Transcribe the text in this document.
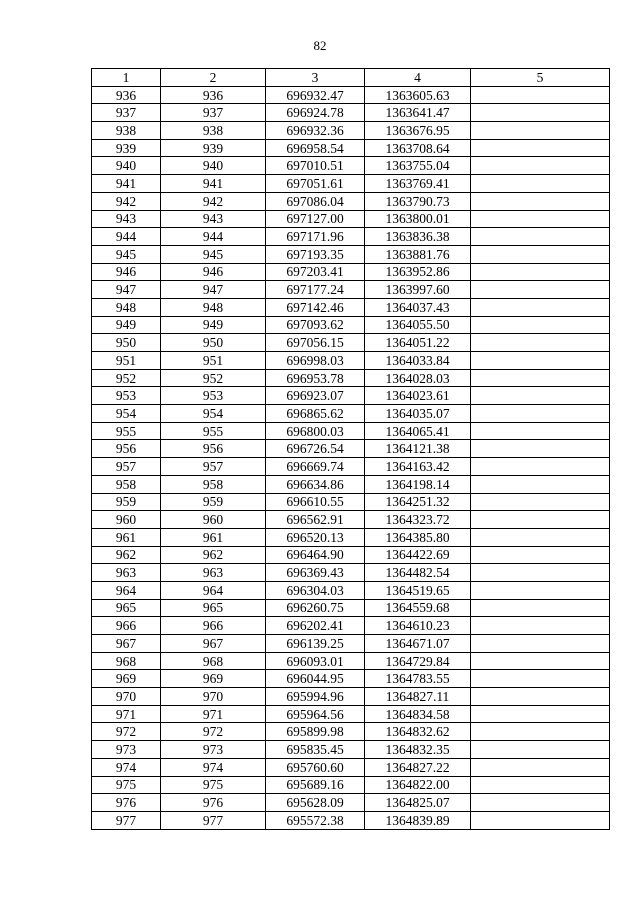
82
1	2	3	4	5
936	936	696932.47	1363605.63	
937	937	696924.78	1363641.47	
938	938	696932.36	1363676.95	
939	939	696958.54	1363708.64	
940	940	697010.51	1363755.04	
941	941	697051.61	1363769.41	
942	942	697086.04	1363790.73	
943	943	697127.00	1363800.01	
944	944	697171.96	1363836.38	
945	945	697193.35	1363881.76	
946	946	697203.41	1363952.86	
947	947	697177.24	1363997.60	
948	948	697142.46	1364037.43	
949	949	697093.62	1364055.50	
950	950	697056.15	1364051.22	
951	951	696998.03	1364033.84	
952	952	696953.78	1364028.03	
953	953	696923.07	1364023.61	
954	954	696865.62	1364035.07	
955	955	696800.03	1364065.41	
956	956	696726.54	1364121.38	
957	957	696669.74	1364163.42	
958	958	696634.86	1364198.14	
959	959	696610.55	1364251.32	
960	960	696562.91	1364323.72	
961	961	696520.13	1364385.80	
962	962	696464.90	1364422.69	
963	963	696369.43	1364482.54	
964	964	696304.03	1364519.65	
965	965	696260.75	1364559.68	
966	966	696202.41	1364610.23	
967	967	696139.25	1364671.07	
968	968	696093.01	1364729.84	
969	969	696044.95	1364783.55	
970	970	695994.96	1364827.11	
971	971	695964.56	1364834.58	
972	972	695899.98	1364832.62	
973	973	695835.45	1364832.35	
974	974	695760.60	1364827.22	
975	975	695689.16	1364822.00	
976	976	695628.09	1364825.07	
977	977	695572.38	1364839.89	
